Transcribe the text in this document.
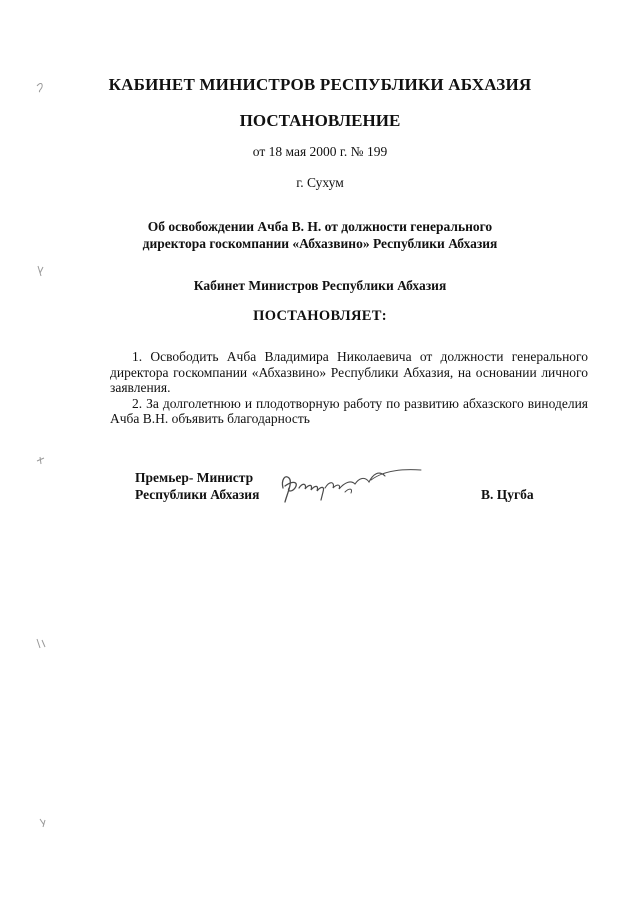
КАБИНЕТ МИНИСТРОВ РЕСПУБЛИКИ АБХАЗИЯ
ПОСТАНОВЛЕНИЕ
от 18 мая 2000 г. № 199
г. Сухум
Об освобождении Ачба В. Н. от должности генерального
директора госкомпании «Абхазвино» Республики Абхазия
Кабинет Министров Республики Абхазия
ПОСТАНОВЛЯЕТ:

1. Освободить Ачба Владимира Николаевича от должности генерального директора госкомпании «Абхазвино» Республики Абхазия, на основании личного заявления.

2. За долголетнюю и плодотворную работу по развитию абхазского виноделия Ачба В.Н. объявить благодарность

Премьер- Министр
Республики Абхазия	В. Цугба
